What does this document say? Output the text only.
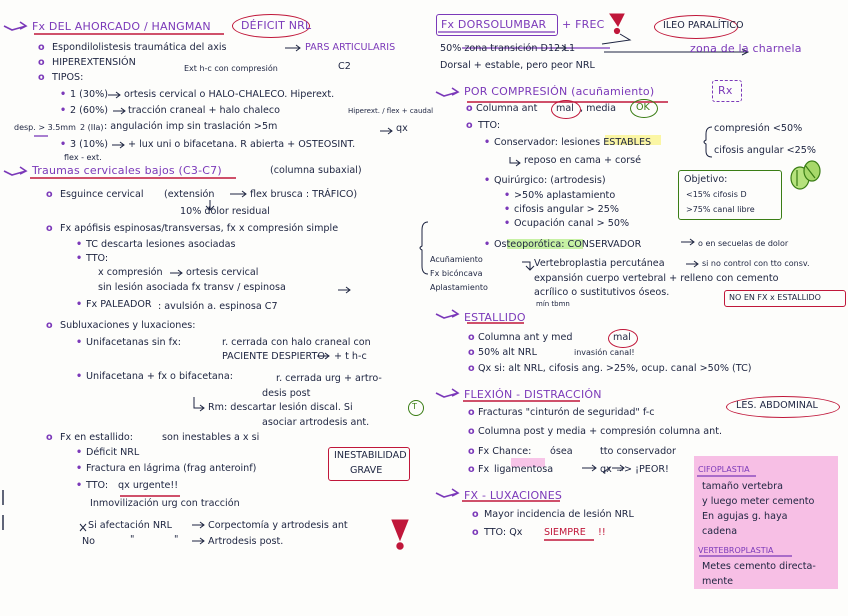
Fx DEL AHORCADO / HANGMAN	DÉFICIT NRL
o Espondilolistesis traumática del axis	PARS ARTICULARIS
o HIPEREXTENSIÓN
Ext h-c con compresión	C2
o TIPOS:
• 1 (30%) ortesis cervical o HALO-CHALECO. Hiperext.
• 2 (60%) tracción craneal + halo chaleco	Hiperext. / flex + caudal
desp. > 3.5mm 2 (IIa) : angulación imp sin traslación >5m	qx
• 3 (10%) + lux uni o bifacetana. R abierta + OSTEOSINT.
flex - ext.
Traumas cervicales bajos (C3-C7)	(columna subaxial)
o Esguince cervical (extensión	flex brusca : TRÁFICO)
10% dolor residual
o Fx apófisis espinosas/transversas, fx x compresión simple
• TC descarta lesiones asociadas
• TTO:
x compresión ortesis cervical
sin lesión asociada fx transv / espinosa
• Fx PALEADOR : avulsión a. espinosa C7
o Subluxaciones y luxaciones:
• Unifacetanas sin fx:	r. cerrada con halo craneal con
PACIENTE DESPIERTO. + t h-c
• Unifacetana + fx o bifacetana:	r. cerrada urg + artro-
desis post
Rm: descartar lesión discal. Si	T
asociar artrodesis ant.
o Fx en estallido:	son inestables a x si
• Déficit NRL
• Fractura en lágrima (frag anteroinf)
• TTO: qx urgente!!
INESTABILIDAD
GRAVE
Inmovilización urg con tracción
Si afectación NRL	Corpectomía y artrodesis ant
No	"	"	Artrodesis post.
Fx DORSOLUMBAR + FREC	ILEO PARALÍTICO
50% zona transición D12-L1	zona de la charnela
Dorsal + estable, pero peor NRL
POR COMPRESIÓN (acuñamiento)	Rx
o Columna ant mal , media OK
o TTO:
• Conservador: lesiones ESTABLES
compresión <50%
cifosis angular <25%
reposo en cama + corsé
• Quirúrgico: (artrodesis)
• >50% aplastamiento
• cifosis angular > 25%
• Ocupación canal > 50%
Objetivo:
<15% cifosis D
>75% canal libre
Acuñamiento
Fx bicóncava
Aplastamiento
• Osteoporótica: CONSERVADOR	o en secuelas de dolor
Vertebroplastia percutánea	si no control con tto consv.
expansión cuerpo vertebral + relleno con cemento
acrílico o sustitutivos óseos.
mín tbmn
NO EN FX x ESTALLIDO
ESTALLIDO
o Columna ant y med	mal
o 50% alt NRL	invasión canal!
o Qx si: alt NRL, cifosis ang. >25%, ocup. canal >50% (TC)
FLEXIÓN - DISTRACCIÓN
o Fracturas "cinturón de seguridad" f-c
LES. ABDOMINAL
o Columna post y media + compresión columna ant.
o Fx Chance: ósea	tto conservador
o Fx ligamentosa	qx => ¡PEOR!
FX - LUXACIONES
o Mayor incidencia de lesión NRL
o TTO: Qx SIEMPRE !!
CIFOPLASTIA
tamaño vertebra
y luego meter cemento
En agujas g. haya
cadena
VERTEBROPLASTIA
Metes cemento directa-
mente
